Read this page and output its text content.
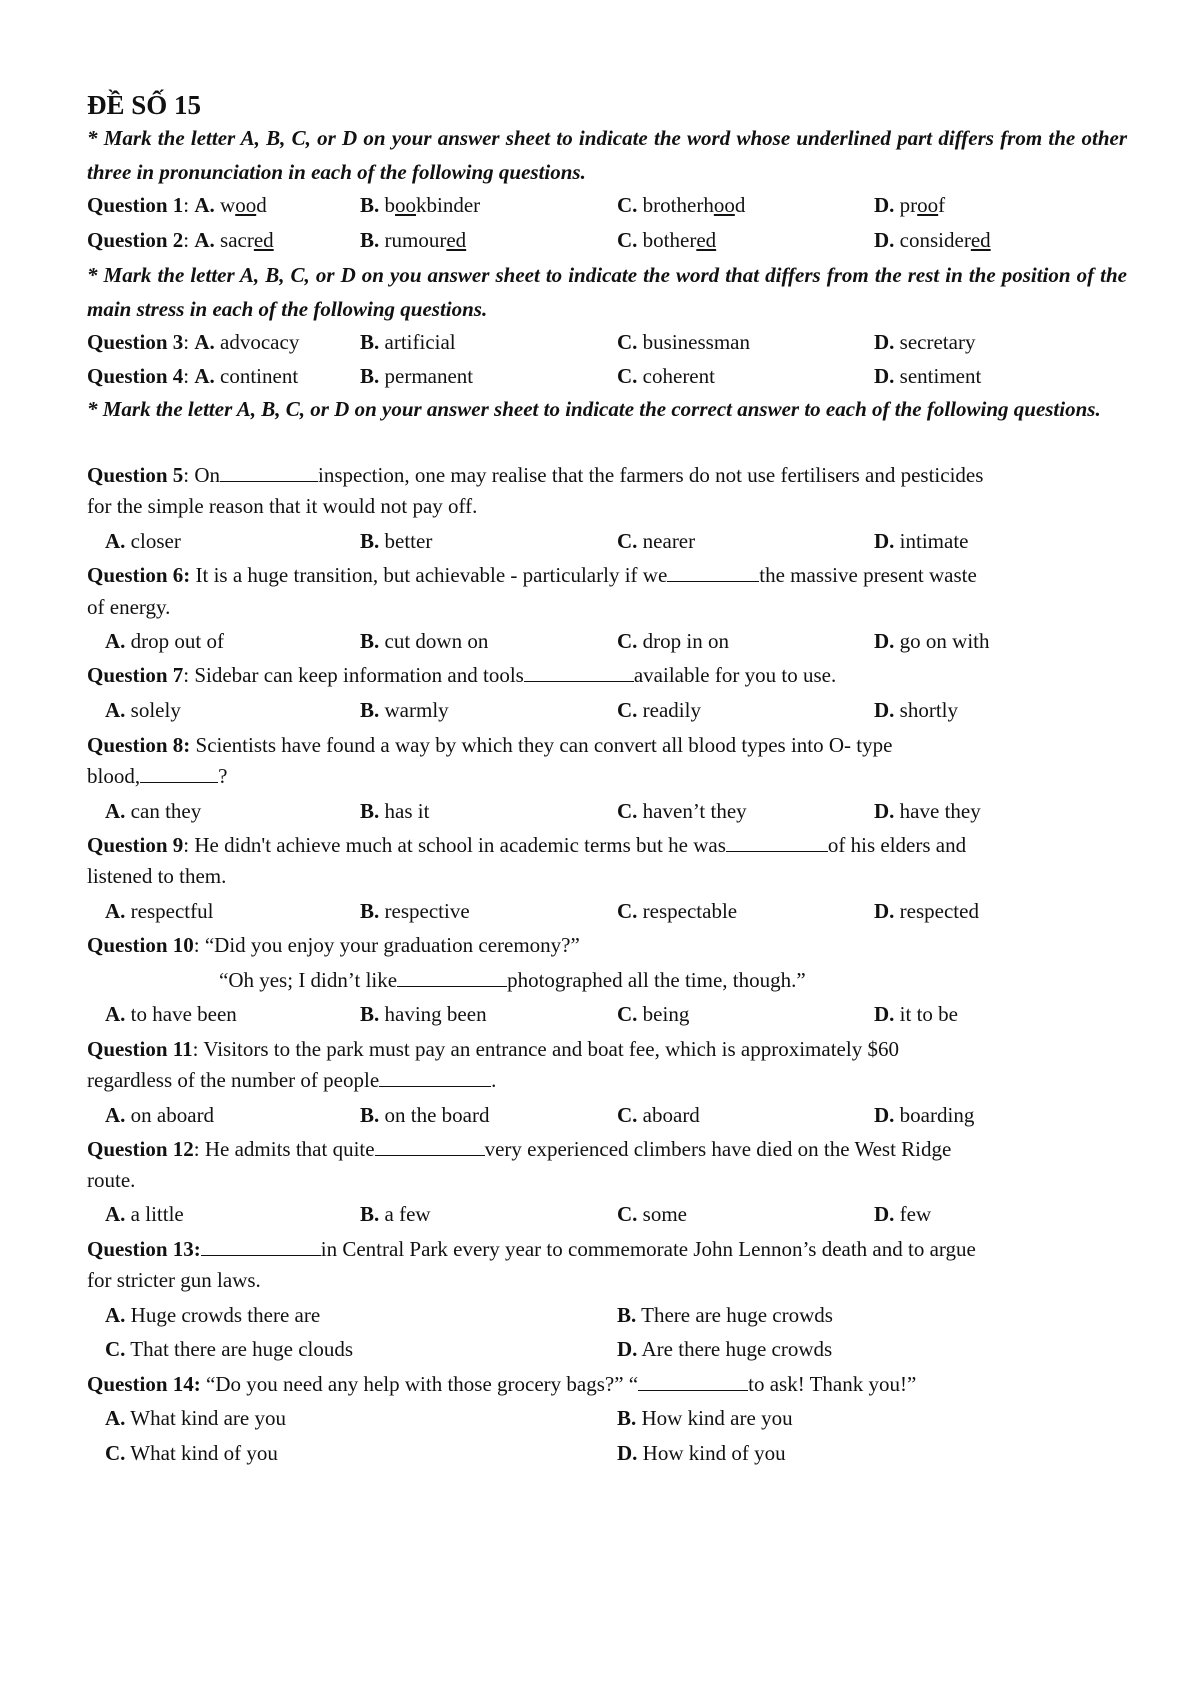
ĐỀ SỐ 15

* Mark the letter A, B, C, or D on your answer sheet to indicate the word whose underlined part differs from the other three in pronunciation in each of the following questions.

Question 1: A. wood	B. bookbinder	C. brotherhood	D. proof
Question 2: A. sacred	B. rumoured	C. bothered	D. considered

* Mark the letter A, B, C, or D on you answer sheet to indicate the word that differs from the rest in the position of the main stress in each of the following questions.

Question 3: A. advocacy	B. artificial	C. businessman	D. secretary
Question 4: A. continent	B. permanent	C. coherent	D. sentiment

* Mark the letter A, B, C, or D on your answer sheet to indicate the correct answer to each of the following questions.

Question 5: On	inspection, one may realise that the farmers do not use fertilisers and pesticides
for the simple reason that it would not pay off.
A. closer	B. better	C. nearer	D. intimate
Question 6: It is a huge transition, but achievable - particularly if we	the massive present waste
of energy.
A. drop out of	B. cut down on	C. drop in on	D. go on with
Question 7: Sidebar can keep information and tools	available for you to use.
A. solely	B. warmly	C. readily	D. shortly
Question 8: Scientists have found a way by which they can convert all blood types into O- type
blood,	?
A. can they	B. has it	C. haven’t they	D. have they
Question 9: He didn't achieve much at school in academic terms but he was	of his elders and
listened to them.
A. respectful	B. respective	C. respectable	D. respected
Question 10: “Did you enjoy your graduation ceremony?”
“Oh yes; I didn’t like	photographed all the time, though.”
A. to have been	B. having been	C. being	D. it to be
Question 11: Visitors to the park must pay an entrance and boat fee, which is approximately $60
regardless of the number of people	.
A. on aboard	B. on the board	C. aboard	D. boarding
Question 12: He admits that quite	very experienced climbers have died on the West Ridge
route.
A. a little	B. a few	C. some	D. few
Question 13:	in Central Park every year to commemorate John Lennon’s death and to argue
for stricter gun laws.
A. Huge crowds there are	B. There are huge crowds
C. That there are huge clouds	D. Are there huge crowds
Question 14: “Do you need any help with those grocery bags?” “	to ask! Thank you!”
A. What kind are you	B. How kind are you
C. What kind of you	D. How kind of you
